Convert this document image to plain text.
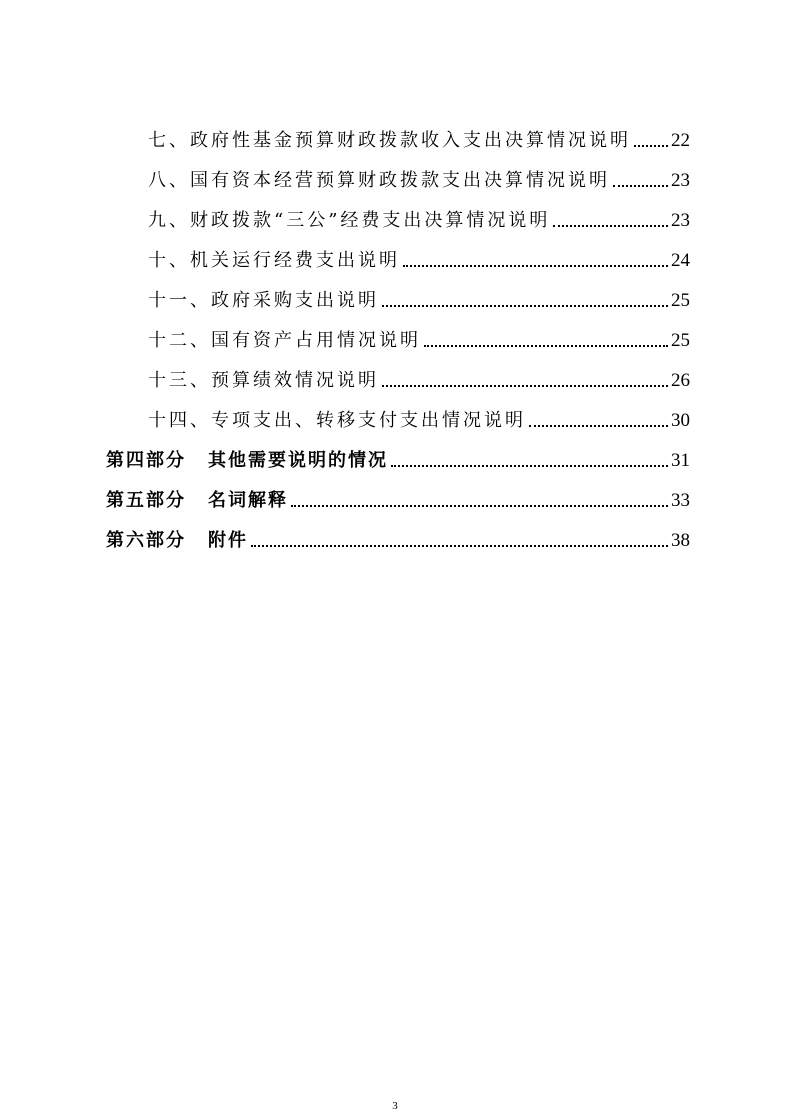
七、政府性基金预算财政拨款收入支出决算情况说明 22
八、国有资本经营预算财政拨款支出决算情况说明	23
九、财政拨款“三公”经费支出决算情况说明	23
十、机关运行经费支出说明	24
十一、政府采购支出说明	25
十二、国有资产占用情况说明	25
十三、预算绩效情况说明	26
十四、专项支出、转移支付支出情况说明	30
第四部分 其他需要说明的情况	31
第五部分 名词解释	33
第六部分 附件	38
3
